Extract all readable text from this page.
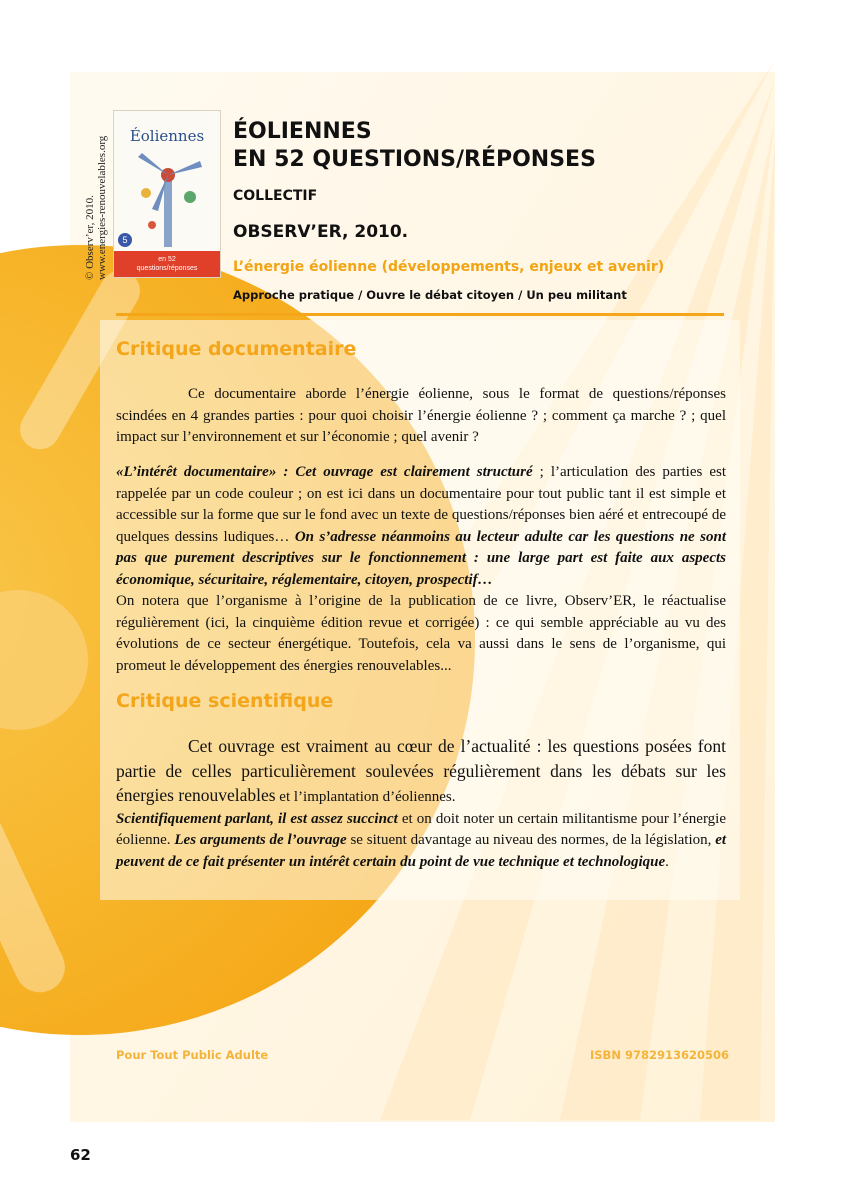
© Observ’er, 2010. www.energies-renouvelables.org	Éoliennes
5
en 52
questions/réponses
ÉOLIENNES
EN 52 QUESTIONS/RÉPONSES
COLLECTIF
OBSERV’ER, 2010.
L’énergie éolienne (développements, enjeux et avenir)
Approche pratique / Ouvre le débat citoyen / Un peu militant
Critique documentaire

Ce documentaire aborde l’énergie éolienne, sous le format de questions/réponses scindées en 4 grandes parties : pour quoi choisir l’énergie éolienne ? ; comment ça marche ? ; quel impact sur l’environnement et sur l’économie ; quel avenir ?

«L’intérêt documentaire» : Cet ouvrage est clairement structuré ; l’articulation des parties est rappelée par un code couleur ; on est ici dans un documentaire pour tout public tant il est simple et accessible sur la forme que sur le fond avec un texte de questions/réponses bien aéré et entrecoupé de quelques dessins ludiques… On s’adresse néanmoins au lecteur adulte car les questions ne sont pas que purement descriptives sur le fonctionnement : une large part est faite aux aspects économique, sécuritaire, réglementaire, citoyen, prospectif…

On notera que l’organisme à l’origine de la publication de ce livre, Observ’ER, le réactualise régulièrement (ici, la cinquième édition revue et corrigée) : ce qui semble appréciable au vu des évolutions de ce secteur énergétique. Toutefois, cela va aussi dans le sens de l’organisme, qui promeut le développement des énergies renouvelables...

Critique scientifique

Cet ouvrage est vraiment au cœur de l’actualité : les questions posées font partie de celles particulièrement soulevées régulièrement dans les débats sur les énergies renouvelables et l’implantation d’éoliennes.

Scientifiquement parlant, il est assez succinct et on doit noter un certain militantisme pour l’énergie éolienne. Les arguments de l’ouvrage se situent davantage au niveau des normes, de la législation, et peuvent de ce fait présenter un intérêt certain du point de vue technique et technologique.

Pour Tout Public Adulte	ISBN 9782913620506
62
